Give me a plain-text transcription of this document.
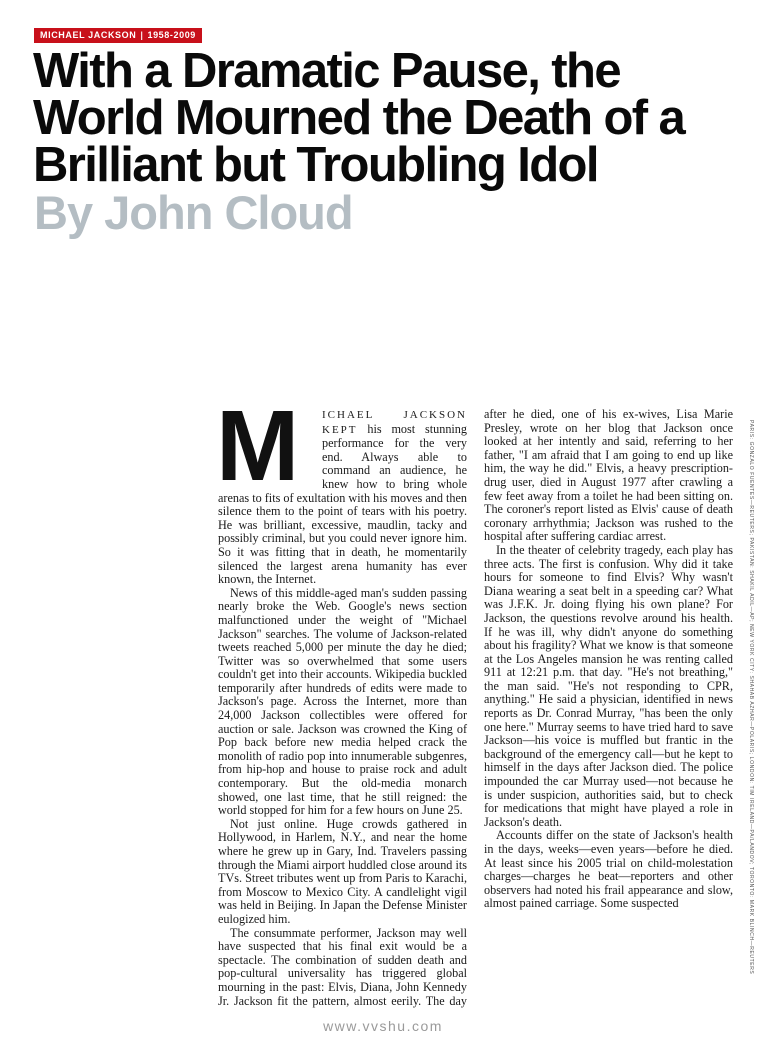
MICHAEL JACKSON | 1958-2009
With a Dramatic Pause, the World Mourned the Death of a Brilliant but Troubling Idol
By John Cloud

M	ICHAEL JACKSON KEPT his most stunning performance for the very end. Always able to command an audience, he knew how to bring whole arenas to fits of exultation with his moves and then silence them to the point of tears with his poetry. He was brilliant, excessive, maudlin, tacky and possibly criminal, but you could never ignore him. So it was fitting that in death, he momentarily silenced the largest arena humanity has ever known, the Internet.

News of this middle-aged man's sudden passing nearly broke the Web. Google's news section malfunctioned under the weight of "Michael Jackson" searches. The volume of Jackson-related tweets reached 5,000 per minute the day he died; Twitter was so overwhelmed that some users couldn't get into their accounts. Wikipedia buckled temporarily after hundreds of edits were made to Jackson's page. Across the Internet, more than 24,000 Jackson collectibles were offered for auction or sale. Jackson was crowned the King of Pop back before new media helped crack the monolith of radio pop into innumerable subgenres, from hip-hop and house to praise rock and adult contemporary. But the old-media monarch showed, one last time, that he still reigned: the world stopped for him for a few hours on June 25.

Not just online. Huge crowds gathered in Hollywood, in Harlem, N.Y., and near the home where he grew up in Gary, Ind. Travelers passing through the Miami airport huddled close around its TVs. Street tributes went up from Paris to Karachi, from Moscow to Mexico City. A candlelight vigil was held in Beijing. In Japan the Defense Minister eulogized him.

The consummate performer, Jackson may well have suspected that his final exit would be a spectacle. The combination of sudden death and pop-cultural universality has triggered global mourning in the past: Elvis, Diana, John Kennedy Jr. Jackson fit the pattern, almost eerily. The day after he died, one of his ex-wives, Lisa Marie Presley, wrote on her blog that Jackson once looked at her intently and said, referring to her father, "I am afraid that I am going to end up like him, the way he did." Elvis, a heavy prescription-drug user, died in August 1977 after crawling a few feet away from a toilet he had been sitting on. The coroner's report listed as Elvis' cause of death coronary arrhythmia; Jackson was rushed to the hospital after suffering cardiac arrest.

In the theater of celebrity tragedy, each play has three acts. The first is confusion. Why did it take hours for someone to find Elvis? Why wasn't Diana wearing a seat belt in a speeding car? What was J.F.K. Jr. doing flying his own plane? For Jackson, the questions revolve around his health. If he was ill, why didn't anyone do something about his fragility? What we know is that someone at the Los Angeles mansion he was renting called 911 at 12:21 p.m. that day. "He's not breathing," the man said. "He's not responding to CPR, anything." He said a physician, identified in news reports as Dr. Conrad Murray, "has been the only one here." Murray seems to have tried hard to save Jackson—his voice is muffled but frantic in the background of the emergency call—but he kept to himself in the days after Jackson died. The police impounded the car Murray used—not because he is under suspicion, authorities said, but to check for medications that might have played a role in Jackson's death.

Accounts differ on the state of Jackson's health in the days, weeks—even years—before he died. At least since his 2005 trial on child-molestation charges—charges he beat—reporters and other observers had noted his frail appearance and slow, almost pained carriage. Some suspected	PARIS: GONZALO FUENTES—REUTERS; PAKISTAN: SHAKIL ADIL—AP; NEW YORK CITY: SHAHAB AZHAR—POLARIS; LONDON: TIM IRELAND—PA/LANDOV; TORONTO: MARK BLINCH—REUTERS
www.vvshu.com
